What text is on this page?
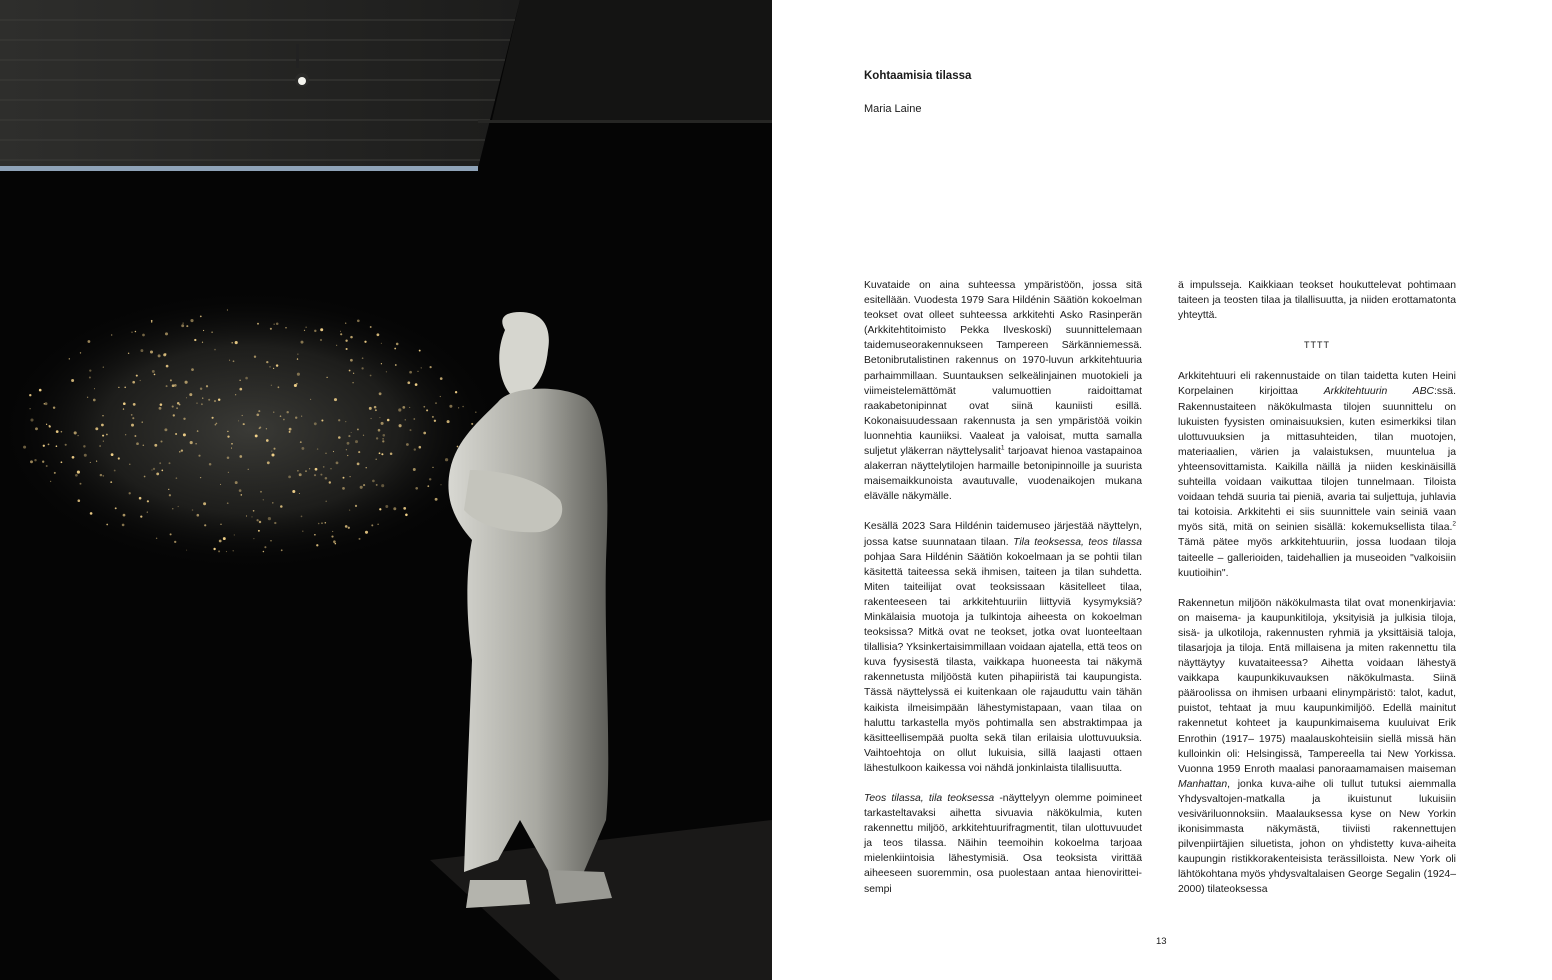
Kohtaamisia tilassa

Maria Laine

Kuvataide on aina suhteessa ympäristöön, jossa sitä esitellään. Vuodesta 1979 Sara Hildénin Säätiön kokoelman teokset ovat olleet suhteessa arkkitehti Asko Rasinperän (Arkkitehtitoimisto Pekka Ilveskoski) suunnittelemaan taidemuseorakennukseen Tampereen Särkänniemessä. Betonibrutalistinen rakennus on 1970-luvun arkkitehtuuria parhaimmillaan. Suuntauksen selkeälinjainen muotokieli ja viimeistelemättömät valumuottien raidoittamat raakabetonipinnat ovat siinä kauniisti esillä. Kokonaisuudessaan rakennusta ja sen ympäristöä voikin luonnehtia kauniiksi. Vaaleat ja valoisat, mutta samalla suljetut yläkerran näyttelysalit$^1$ tarjoavat hienoa vastapainoa alakerran näyttelytilojen harmaille betonipinnoille ja suurista maisemaikkunoista avautuvalle, vuodenaikojen mukana elävälle näkymälle.

Kesällä 2023 Sara Hildénin taidemuseo järjestää näyttelyn, jossa katse suunnataan tilaan. Tila teoksessa, teos tilassa pohjaa Sara Hildénin Säätiön kokoelmaan ja se pohtii tilan käsitettä taiteessa sekä ihmisen, taiteen ja tilan suhdetta. Miten taiteilijat ovat teoksissaan käsitelleet tilaa, rakenteeseen tai arkkitehtuuriin liittyviä kysymyksiä? Minkälaisia muotoja ja tulkintoja aiheesta on kokoelman teoksissa? Mitkä ovat ne teokset, jotka ovat luonteeltaan tilallisia? Yksinkertaisimmillaan voidaan ajatella, että teos on kuva fyysisestä tilasta, vaikkapa huoneesta tai näkymä rakennetusta miljööstä kuten pihapiiristä tai kaupungista. Tässä näyttelyssä ei kuitenkaan ole rajauduttu vain tähän kaikista ilmeisimpään lähestymistapaan, vaan tilaa on haluttu tarkastella myös pohtimalla sen abstraktimpaa ja käsitteellisempää puolta sekä tilan erilaisia ulottuvuuksia. Vaihtoehtoja on ollut lukuisia, sillä laajasti ottaen lähestulkoon kaikessa voi nähdä jonkinlaista tilallisuutta.

Teos tilassa, tila teoksessa -näyttelyyn olemme poimineet tarkasteltavaksi aihetta sivuavia näkökulmia, kuten rakennettu miljöö, arkkitehtuurifragmentit, tilan ulottuvuudet ja teos tilassa. Näihin teemoihin kokoelma tarjoaa mielenkiintoisia lähestymisiä. Osa teoksista virittää aiheeseen suoremmin, osa puolestaan antaa hienoviritteisempi

ä impulsseja. Kaikkiaan teokset houkuttelevat pohtimaan taiteen ja teosten tilaa ja tilallisuutta, ja niiden erottamatonta yhteyttä.

TTTT

Arkkitehtuuri eli rakennustaide on tilan taidetta kuten Heini Korpelainen kirjoittaa Arkkitehtuurin ABC:ssä. Rakennustaiteen näkökulmasta tilojen suunnittelu on lukuisten fyysisten ominaisuuksien, kuten esimerkiksi tilan ulottuvuuksien ja mittasuhteiden, tilan muotojen, materiaalien, värien ja valaistuksen, muuntelua ja yhteensovittamista. Kaikilla näillä ja niiden keskinäisillä suhteilla voidaan vaikuttaa tilojen tunnelmaan. Tiloista voidaan tehdä suuria tai pieniä, avaria tai suljettuja, juhlavia tai kotoisia. Arkkitehti ei siis suunnittele vain seiniä vaan myös sitä, mitä on seinien sisällä: kokemuksellista tilaa.$^2$ Tämä pätee myös arkkitehtuuriin, jossa luodaan tiloja taiteelle – gallerioiden, taidehallien ja museoiden "valkoisiin kuutioihin".

Rakennetun miljöön näkökulmasta tilat ovat monenkirjavia: on maisema- ja kaupunkitiloja, yksityisiä ja julkisia tiloja, sisä- ja ulkotiloja, rakennusten ryhmiä ja yksittäisiä taloja, tilasarjoja ja tiloja. Entä millaisena ja miten rakennettu tila näyttäytyy kuvataiteessa? Aihetta voidaan lähestyä vaikkapa kaupunkikuvauksen näkökulmasta. Siinä pääroolissa on ihmisen urbaani elinympäristö: talot, kadut, puistot, tehtaat ja muu kaupunkimiljöö. Edellä mainitut rakennetut kohteet ja kaupunkimaisema kuuluivat Erik Enrothin (1917– 1975) maalauskohteisiin siellä missä hän kulloinkin oli: Helsingissä, Tampereella tai New Yorkissa. Vuonna 1959 Enroth maalasi panoraamamaisen maiseman Manhattan, jonka kuva-aihe oli tullut tutuksi aiemmalla Yhdysvaltojen-matkalla ja ikuistunut lukuisiin vesiväriluonnoksiin. Maalauksessa kyse on New Yorkin ikonisimmasta näkymästä, tiiviisti rakennettujen pilvenpiirtäjien siluetista, johon on yhdistetty kuva-aiheita kaupungin ristikkorakenteisista terässilloista. New York oli lähtökohtana myös yhdysvaltalaisen George Segalin (1924–2000) tilateoksessa

13
